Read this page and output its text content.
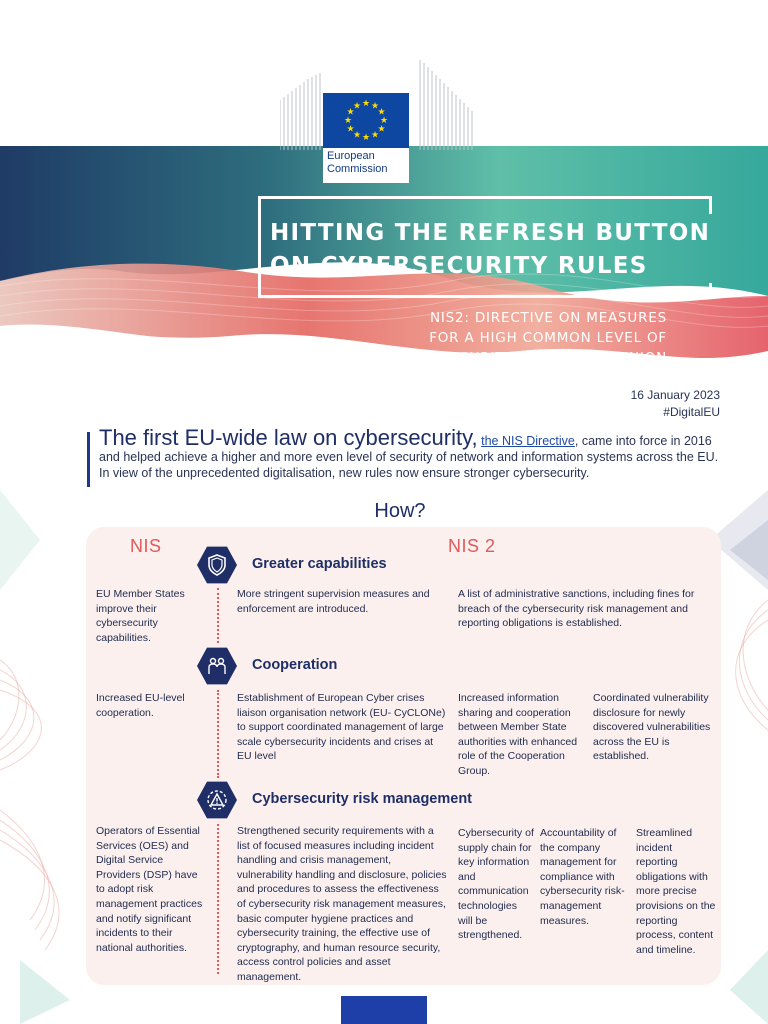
★ ★
★
★
★
★
★
★
★
★
★
★
European
Commission
HITTING THE REFRESH BUTTON
ON CYBERSECURITY RULES
NIS2: DIRECTIVE ON MEASURES
FOR A HIGH COMMON LEVEL OF
CYBERSECURITY ACROSS THE UNION
16 January 2023
#DigitalEU
The first EU-wide law on cybersecurity, the NIS Directive, came into force in 2016 and helped achieve a higher and more even level of security of network and information systems across the EU. In view of the unprecedented digitalisation, new rules now ensure stronger cybersecurity.
How?
NIS	NIS 2
Greater capabilities
EU Member States improve their cybersecurity capabilities.
More stringent supervision measures and enforcement are introduced.
A list of administrative sanctions, including fines for breach of the cybersecurity risk management and reporting obligations is established.
Cooperation
Increased EU-level cooperation.
Establishment of European Cyber crises liaison organisation network (EU- CyCLONe) to support coordinated management of large scale cybersecurity incidents and crises at EU level
Increased information sharing and cooperation between Member State authorities with enhanced role of the Cooperation Group.
Coordinated vulnerability disclosure for newly discovered vulnerabilities across the EU is established.
Cybersecurity risk management
Operators of Essential Services (OES) and Digital Service Providers (DSP) have to adopt risk management practices and notify significant incidents to their national authorities.
Strengthened security requirements with a list of focused measures including incident handling and crisis management, vulnerability handling and disclosure, policies and procedures to assess the effectiveness of cybersecurity risk management measures, basic computer hygiene practices and cybersecurity training, the effective use of cryptography, and human resource security, access control policies and asset management.
Cybersecurity of supply chain for key information and communication technologies will be strengthened.
Accountability of the company management for compliance with cybersecurity risk-management measures.
Streamlined incident reporting obligations with more precise provisions on the reporting process, content and timeline.
